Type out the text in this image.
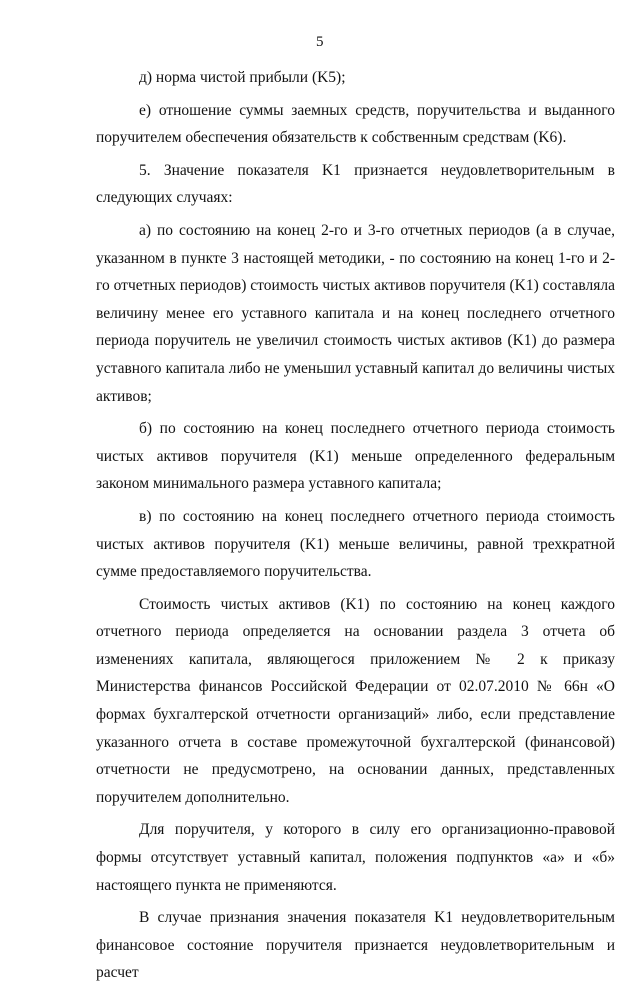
5

д) норма чистой прибыли (K5);

е) отношение суммы заемных средств, поручительства и выданного поручителем обеспечения обязательств к собственным средствам (K6).

5. Значение показателя K1 признается неудовлетворительным в следующих случаях:

а) по состоянию на конец 2-го и 3-го отчетных периодов (а в случае, указанном в пункте 3 настоящей методики, - по состоянию на конец 1-го и 2-го отчетных периодов) стоимость чистых активов поручителя (K1) составляла величину менее его уставного капитала и на конец последнего отчетного периода поручитель не увеличил стоимость чистых активов (K1) до размера уставного капитала либо не уменьшил уставный капитал до величины чистых активов;

б) по состоянию на конец последнего отчетного периода стоимость чистых активов поручителя (K1) меньше определенного федеральным законом минимального размера уставного капитала;

в) по состоянию на конец последнего отчетного периода стоимость чистых активов поручителя (K1) меньше величины, равной трехкратной сумме предоставляемого поручительства.

Стоимость чистых активов (K1) по состоянию на конец каждого отчетного периода определяется на основании раздела 3 отчета об изменениях капитала, являющегося приложением № 2 к приказу Министерства финансов Российской Федерации от 02.07.2010 № 66н «О формах бухгалтерской отчетности организаций» либо, если представление указанного отчета в составе промежуточной бухгалтерской (финансовой) отчетности не предусмотрено, на основании данных, представленных поручителем дополнительно.

Для поручителя, у которого в силу его организационно-правовой формы отсутствует уставный капитал, положения подпунктов «а» и «б» настоящего пункта не применяются.

В случае признания значения показателя K1 неудовлетворительным финансовое состояние поручителя признается неудовлетворительным и расчет
